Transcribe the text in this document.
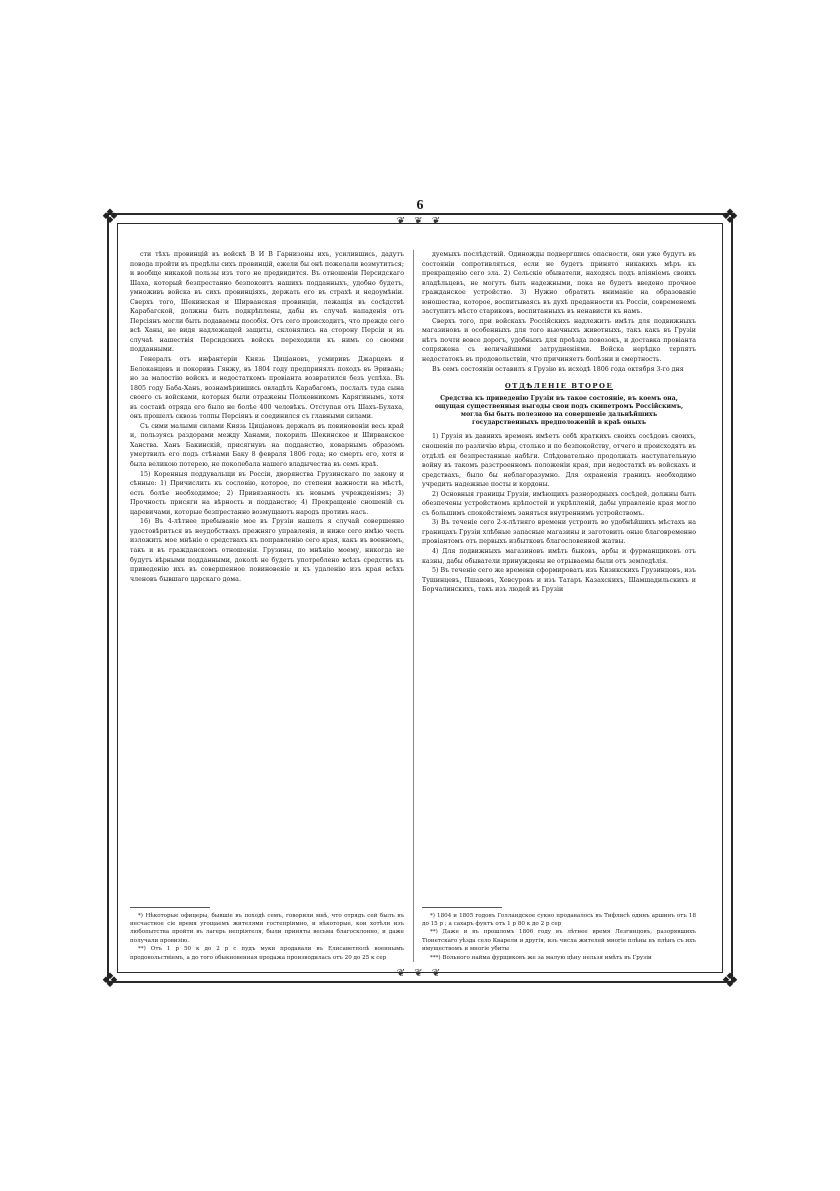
6
❖	❖
❖	❖
❦ ❦ ❦
❦ ❦ ❦

сти тѣхъ провинцій въ войскѣ В И В Гарнизоны ихъ, усилившись, дадутъ повода пройти въ предѣлы сихъ провинцій, ежели бы онѣ пожелали возмутиться; и вообще никакой пользы изъ того не предвидится. Въ отношеніи Персидскаго Шаха, который безпрестанно безпокоитъ нашихъ подданныхъ, удобно будетъ, умноживъ войска въ сихъ провинціяхъ, держать его въ страхѣ и недоумѣніи. Сверхъ того, Шекинская и Ширванская провинціи, лежащія въ сосѣдствѣ Карабагской, должны быть подкрѣплены, дабы въ случаѣ нападенія отъ Персіянъ могли быть подаваемы пособія. Отъ сего происходитъ, что прежде сего всѣ Ханы, не видя надлежащей защиты, склонялись на сторону Персіи и въ случаѣ нашествія Персидскихъ войскъ переходили къ нимъ со своими подданными.

Генералъ отъ инфантеріи Князь Циціановъ, усмиривъ Джарцевъ и Белоканцевъ и покоривъ Гянжу, въ 1804 году предпринялъ походъ въ Эривань; но за малостію войскъ и недостаткомъ провіанта возвратился безъ успѣха. Въ 1805 году Баба-Ханъ, вознамѣрившись овладѣть Карабагомъ, послалъ туда сына своего съ войсками, которыя были отражены Полковникомъ Карягинымъ, хотя въ составѣ отряда его было не болѣе 400 человѣкъ. Отступая отъ Шахъ-Булаха, онъ прошелъ сквозь толпы Персіянъ и соединился съ главными силами.

Съ сими малыми силами Князь Циціановъ держалъ въ повиновеніи весь край и, пользуясь раздорами между Ханами, покорилъ Шекинское и Ширванское Ханства. Ханъ Бакинскій, присягнувъ на подданство, коварнымъ образомъ умертвилъ его подъ стѣнами Баку 8 февраля 1806 года; но смерть его, хотя и была великою потерею, не поколебала нашего владычества въ семъ краѣ.

15) Коренныя поддувальщи въ Россіи, дворянства Грузинскаго по закону и сѣнные: 1) Причислить къ сословію, которое, по степени важности на мѣстѣ, есть болѣе необходимое; 2) Привязанность къ новымъ учрежденіямъ; 3) Прочность присяги на вѣрность и подданство; 4) Прекращеніе сношеній съ царевичами, которые безпрестанно возмущаютъ народъ противъ насъ.

16) Въ 4-лѣтнее пребываніе мое въ Грузіи нашелъ я случай совершенно удостовѣриться въ неудобствахъ прежняго управленія, и ниже сего имѣю честь изложить мое мнѣніе о средствахъ къ поправленію сего края, какъ въ военномъ, такъ и въ гражданскомъ отношеніи. Грузины, по мнѣнію моему, никогда не будутъ вѣрными подданными, доколѣ не будетъ употреблено всѣхъ средствъ къ приведенію ихъ въ совершенное повиновеніе и къ удаленію изъ края всѣхъ членовъ бывшаго царскаго дома.

*) Нѣкоторые офицеры, бывшіе въ походѣ семъ, говорили мнѣ, что отрядъ сей былъ въ несчастное сіе время угощаемъ жителями гостепріимно, и нѣкоторые, кои хотѣли изъ любопытства пройти въ лагерь непріятеля, были приняты весьма благосклонно, и даже получали провизію.

**) Отъ 1 р 50 к до 2 р с пудъ муки продавали въ Елисаветполѣ военнымъ продовольствіемъ, а до того обыкновенная продажа производилась отъ 20 до 25 к сер

дуемыхъ послѣдствій. Одиножды подвергшись опасности, они уже будутъ въ состояніи сопротивляться, если не будетъ принято никакихъ мѣръ къ прекращенію сего зла. 2) Сельскіе обыватели, находясь подъ вліяніемъ своихъ владѣльцевъ, не могутъ быть надежными, пока не будетъ введено прочное гражданское устройство. 3) Нужно обратить вниманіе на образованіе юношества, которое, воспитываясь въ духѣ преданности къ Россіи, современемъ заступитъ мѣсто стариковъ, воспитанныхъ въ ненависти къ намъ.

Сверхъ того, при войскахъ Россійскихъ надлежитъ имѣть для подвижныхъ магазиновъ и особенныхъ для того вьючныхъ животныхъ, такъ какъ въ Грузіи нѣтъ почти вовсе дорогъ, удобныхъ для проѣзда повозокъ, и доставка провіанта сопряжена съ величайшими затрудненіями. Войска нерѣдко терпятъ недостатокъ въ продовольствіи, что причиняетъ болѣзни и смертность.

Въ семъ состояніи оставилъ я Грузію въ исходѣ 1806 года октября 3-го дня

ОТДѢЛЕНІЕ ВТОРОЕ
Средства къ приведенію Грузіи въ такое состояніе, въ коемъ она, ощущая существенныя выгоды свои подъ скипетромъ Россійскимъ, могла бы быть полезною на совершеніе дальнѣйшихъ государственныхъ предположеній в краѣ оныхъ

1) Грузія въ давнихъ временъ имѣетъ себѣ краткихъ своихъ сосѣдовъ своихъ, сношенія по различію вѣры, столько и по безпокойству, отчего и происходятъ въ отдѣлѣ ея безпрестанные набѣги. Слѣдовательно продолжать наступательную войну въ такомъ разстроенномъ положеніи края, при недостаткѣ въ войскахъ и средствахъ, было бы неблагоразумно. Для охраненія границъ необходимо учредить надежные посты и кордоны.

2) Основныя границы Грузіи, имѣющихъ разнородныхъ сосѣдей, должны быть обезпечены устройствомъ крѣпостей и укрѣпленій, дабы управленіе края могло съ большимъ спокойствіемъ заняться внутреннимъ устройствомъ.

3) Въ теченіе сего 2-х-лѣтняго времени устроить во удобнѣйшихъ мѣстахъ на границахъ Грузіи хлѣбные запасные магазины и заготовить оные благовременно провіантомъ отъ первыхъ избытковъ благословенной жатвы.

4) Для подвижныхъ магазиновъ имѣть быковъ, арбы и фурманщиковъ отъ казны, дабы обыватели принуждены не отрываемы были отъ земледѣлія.

5) Въ теченіе сего же времени сформировать изъ Кизикскихъ Грузинцовъ, изъ Тушинцевъ, Пшавовъ, Хевсуровъ и изъ Татаръ Казахскихъ, Шамшадильскихъ и Борчалинскихъ, такъ изъ людей въ Грузіи

*) 1804 и 1805 годовъ Голландское сукно продавалось въ Тифлисѣ одинъ аршинъ отъ 18 до 15 р ; а сахаръ фунтъ отъ 1 р 80 к до 2 р сер

**) Даже и въ прошломъ 1806 году въ лѣтнее время Лезгинцовъ, разорявшихъ Тіонетскаго уѣзда село Кварели и другія, изъ числа жителей многіе плѣны въ плѣнъ съ ихъ имуществомъ и многіе убиты

***) Вольного найма фурщиковъ же за малую цѣну нельзя имѣть въ Грузіи
